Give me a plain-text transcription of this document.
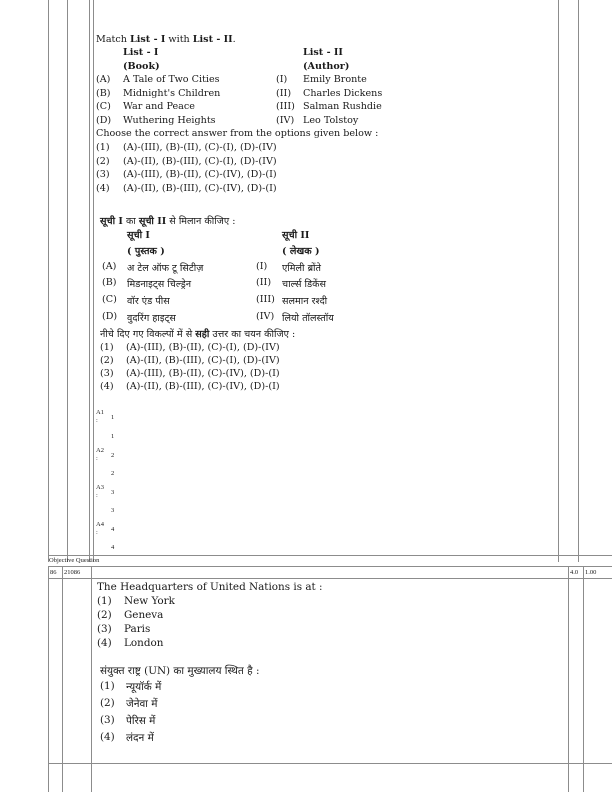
Match List - I with List - II.
List - I
(Book)
List - II
(Author)
(A) A Tale of Two Cities	(I) Emily Bronte
(B) Midnight's Children	(II) Charles Dickens
(C) War and Peace	(III) Salman Rushdie
(D) Wuthering Heights	(IV) Leo Tolstoy
Choose the correct answer from the options given below :
(1) (A)-(III), (B)-(II), (C)-(I), (D)-(IV)
(2) (A)-(II), (B)-(III), (C)-(I), (D)-(IV)
(3) (A)-(III), (B)-(II), (C)-(IV), (D)-(I)
(4) (A)-(II), (B)-(III), (C)-(IV), (D)-(I)
सूची I का सूची II से मिलान कीजिए :
सूची I
( पुस्तक )
सूची II
( लेखक )
(A) अ टेल ऑफ टू सिटीज़	(I) एमिली ब्रोंते
(B) मिडनाइट्स चिल्ड्रेन	(II) चार्ल्स डिकेंस
(C) वॉर एंड पीस	(III) सलमान रश्दी
(D) वुदरिंग हाइट्स	(IV) लियो तॉलस्तॉय
नीचे दिए गए विकल्पों में से सही उत्तर का चयन कीजिए :
(1) (A)-(III), (B)-(II), (C)-(I), (D)-(IV)
(2) (A)-(II), (B)-(III), (C)-(I), (D)-(IV)
(3) (A)-(III), (B)-(II), (C)-(IV), (D)-(I)
(4) (A)-(II), (B)-(III), (C)-(IV), (D)-(I)
A1
: 1
1
A2
: 2
2
A3
: 3
3
A4
: 4
4
Objective Question
86 21086	4.0 1.00
The Headquarters of United Nations is at :
(1) New York
(2) Geneva
(3) Paris
(4) London
संयुक्त राष्ट्र (UN) का मुख्यालय स्थित है :
(1) न्यूयॉर्क में
(2) जेनेवा में
(3) पेरिस में
(4) लंदन में
